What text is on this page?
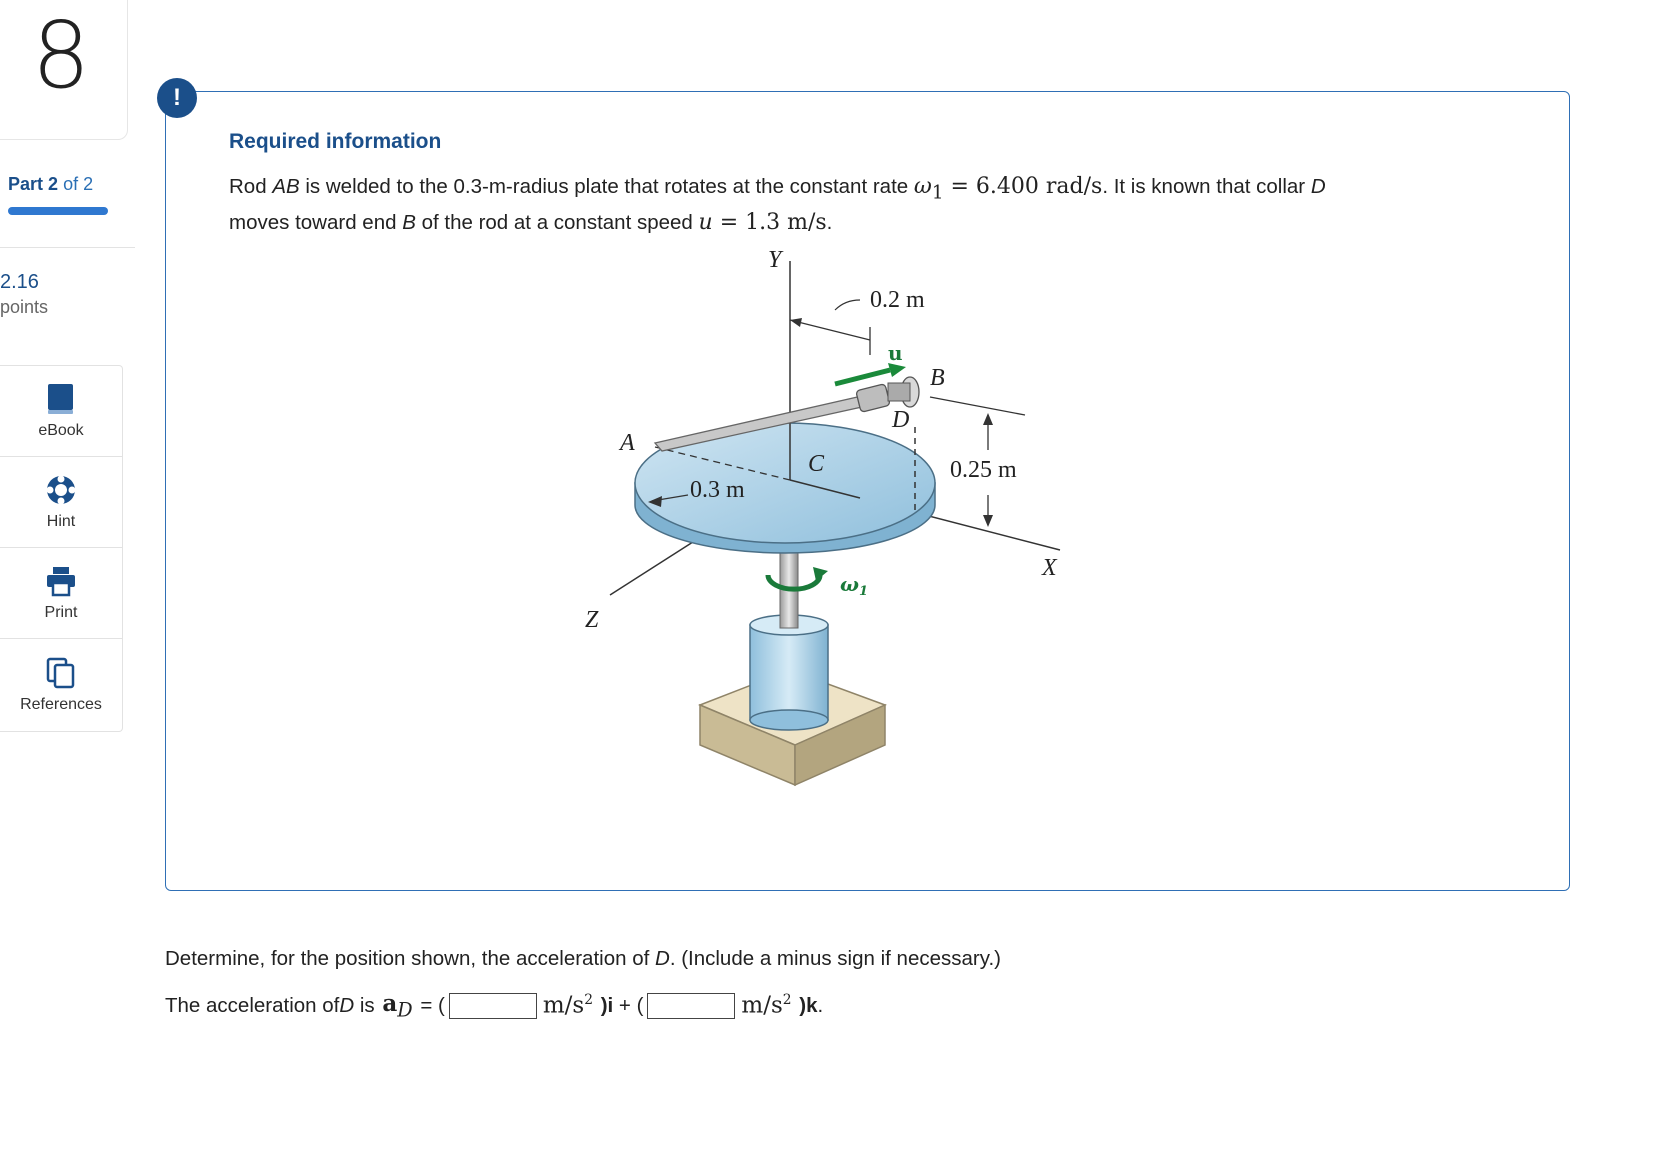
8
Part 2 of 2
2.16
points
eBook
Hint
Print
References
!
Required information
Rod AB is welded to the 0.3-m-radius plate that rotates at the constant rate $\omega_1 = 6.400$ rad/s. It is known that collar D
moves toward end B of the rod at a constant speed u = 1.3 m/s.
$\omega_1$
u
0.2 m
0.25 m
0.3 m
Y
X
Z
A
B
C
D
Determine, for the position shown, the acceleration of D. (Include a minus sign if necessary.)
The acceleration of D is $a_D$ = (	$m/s^2$ )i + (	$m/s^2$ )k .
